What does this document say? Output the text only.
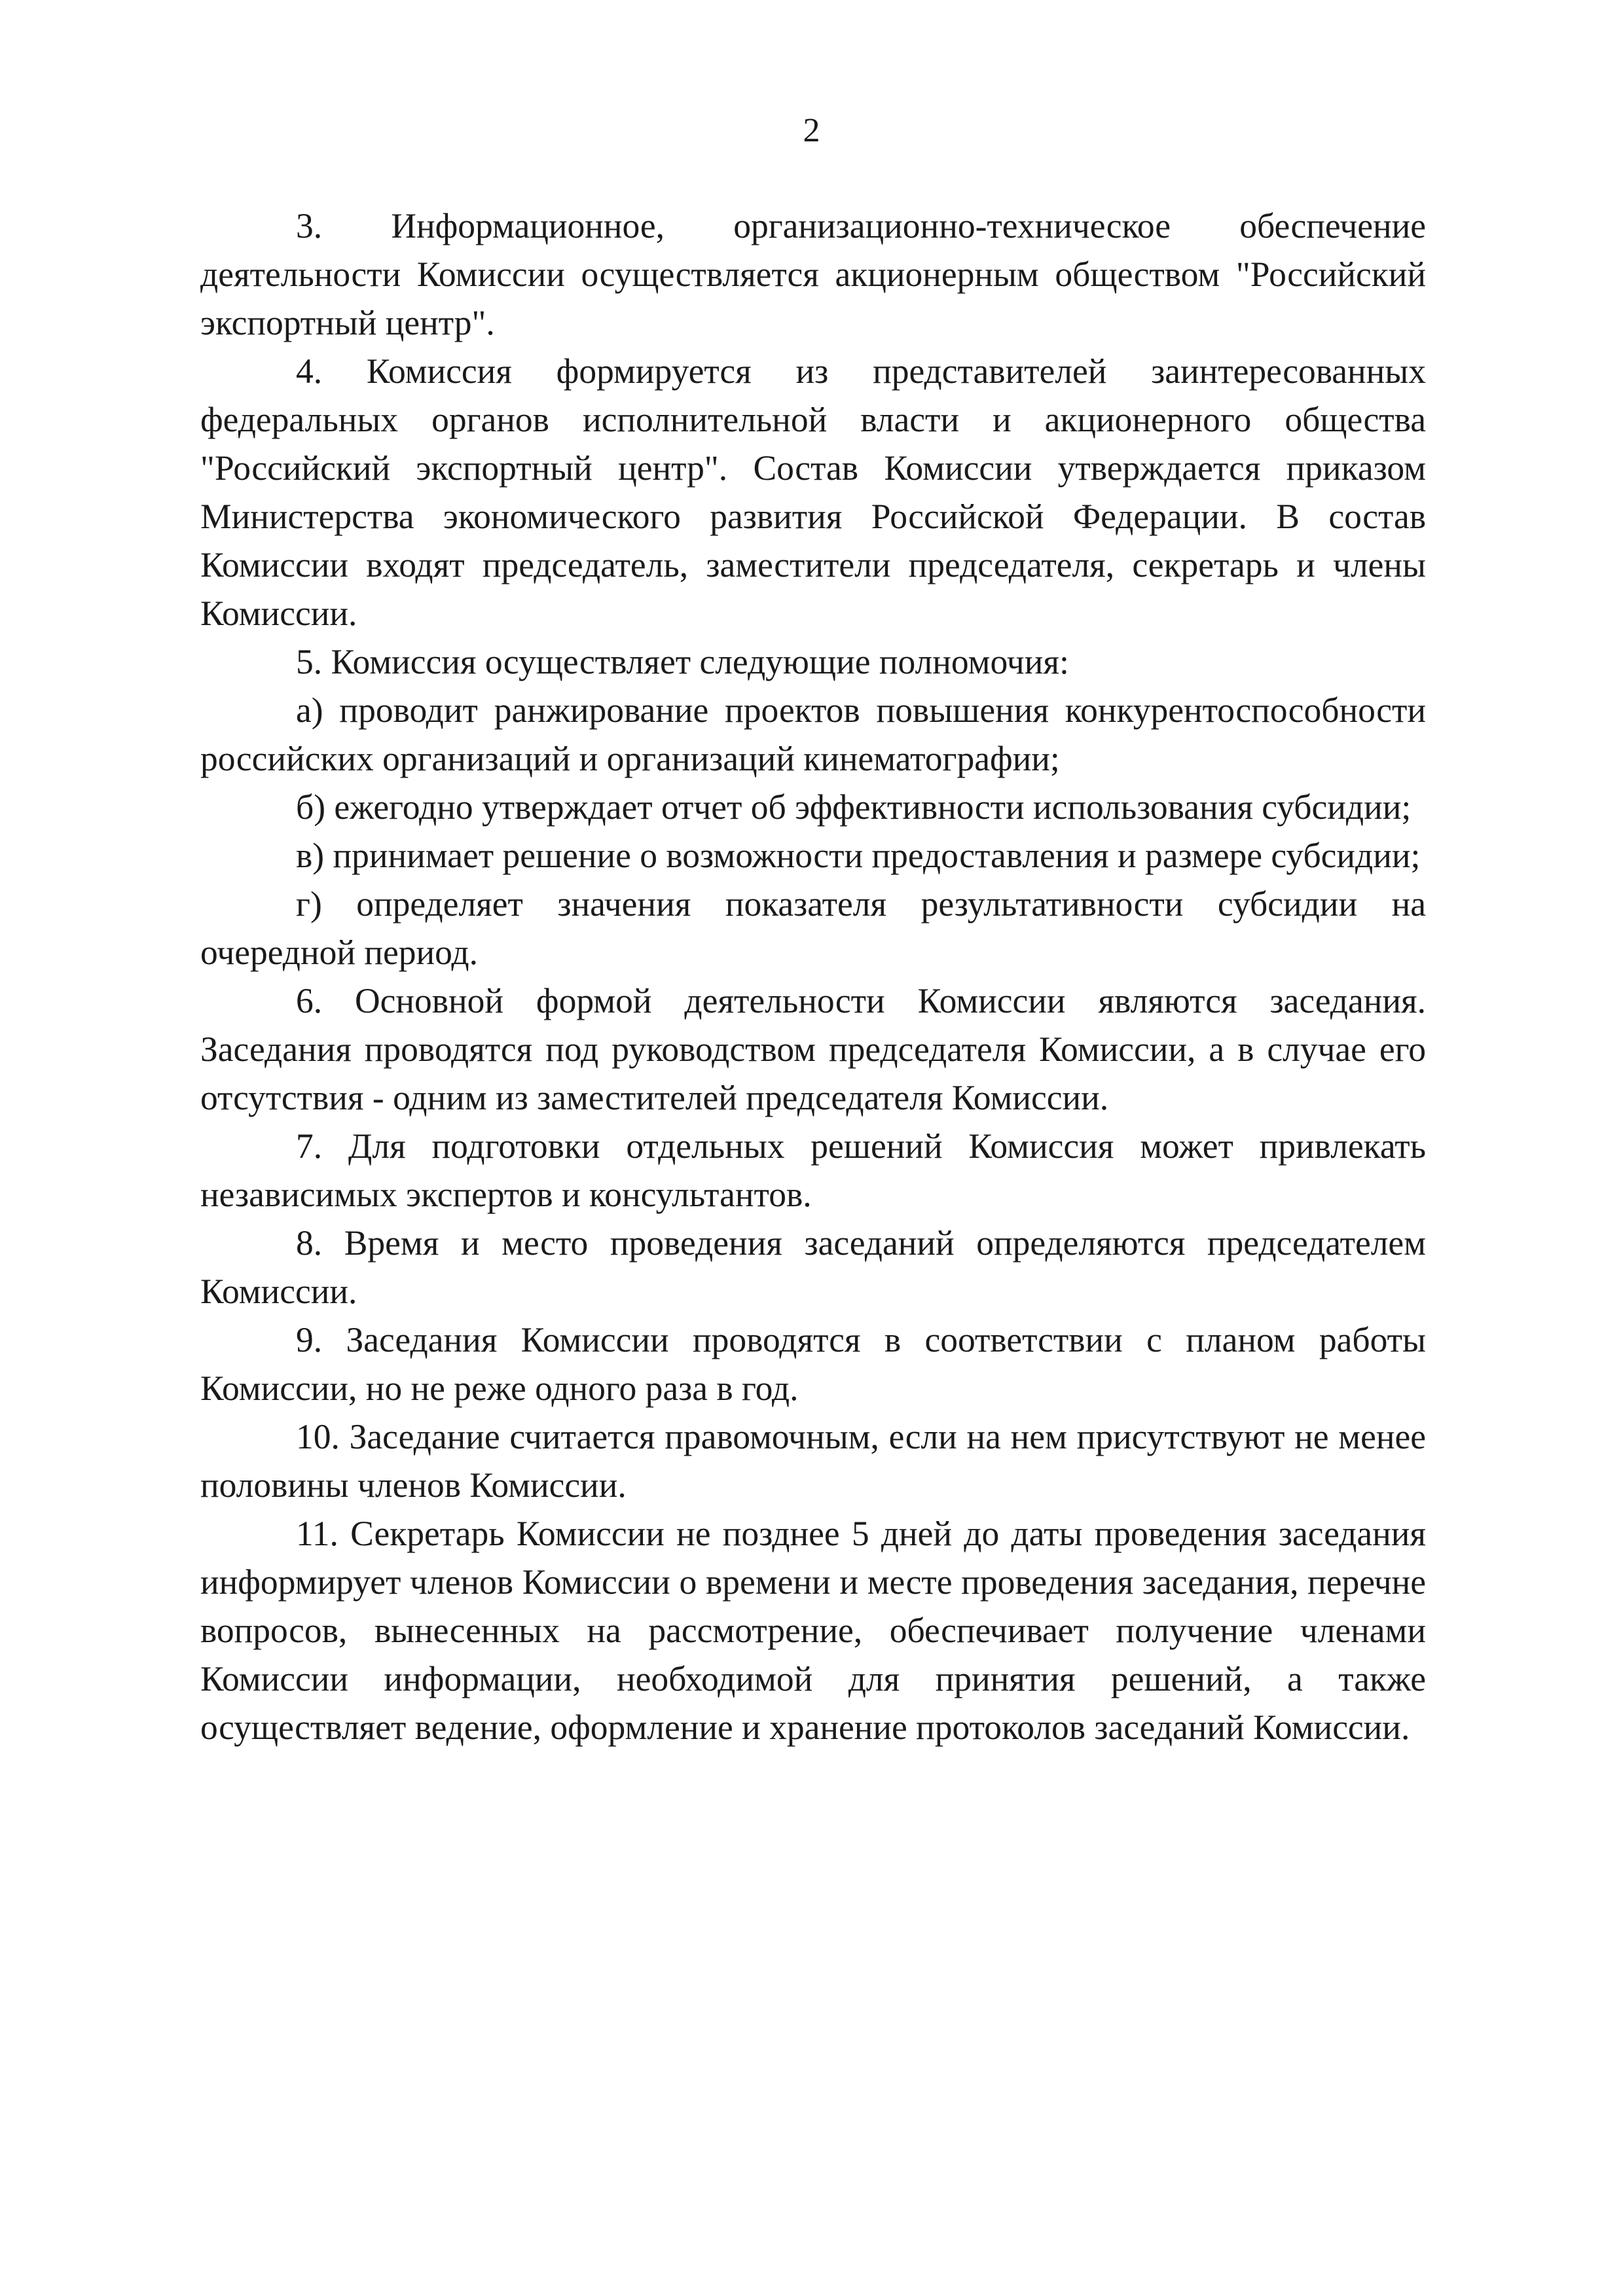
2

3. Информационное, организационно-техническое обеспечение деятельности Комиссии осуществляется акционерным обществом "Российский экспортный центр".

4. Комиссия формируется из представителей заинтересованных федеральных органов исполнительной власти и акционерного общества "Российский экспортный центр". Состав Комиссии утверждается приказом Министерства экономического развития Российской Федерации. В состав Комиссии входят председатель, заместители председателя, секретарь и члены Комиссии.

5. Комиссия осуществляет следующие полномочия:

а) проводит ранжирование проектов повышения конкурентоспособности российских организаций и организаций кинематографии;

б) ежегодно утверждает отчет об эффективности использования субсидии;

в) принимает решение о возможности предоставления и размере субсидии;

г) определяет значения показателя результативности субсидии на очередной период.

6. Основной формой деятельности Комиссии являются заседания. Заседания проводятся под руководством председателя Комиссии, а в случае его отсутствия - одним из заместителей председателя Комиссии.

7. Для подготовки отдельных решений Комиссия может привлекать независимых экспертов и консультантов.

8. Время и место проведения заседаний определяются председателем Комиссии.

9. Заседания Комиссии проводятся в соответствии с планом работы Комиссии, но не реже одного раза в год.

10. Заседание считается правомочным, если на нем присутствуют не менее половины членов Комиссии.

11. Секретарь Комиссии не позднее 5 дней до даты проведения заседания информирует членов Комиссии о времени и месте проведения заседания, перечне вопросов, вынесенных на рассмотрение, обеспечивает получение членами Комиссии информации, необходимой для принятия решений, а также осуществляет ведение, оформление и хранение протоколов заседаний Комиссии.
